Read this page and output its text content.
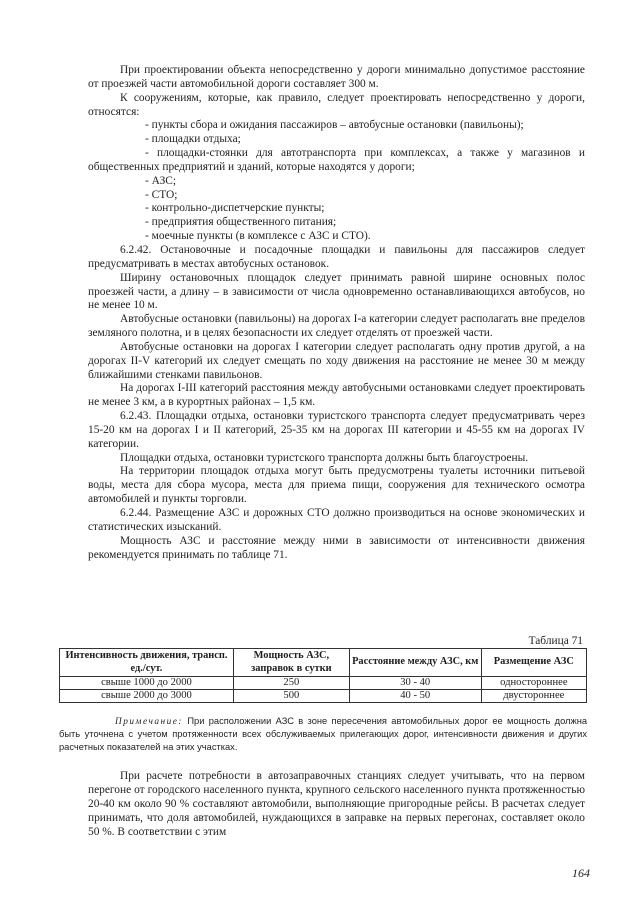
При проектировании объекта непосредственно у дороги минимально допустимое расстояние от проезжей части автомобильной дороги составляет 300 м.

К сооружениям, которые, как правило, следует проектировать непосредственно у дороги, относятся:

- пункты сбора и ожидания пассажиров – автобусные остановки (павильоны);

- площадки отдыха;

- площадки-стоянки для автотранспорта при комплексах, а также у магазинов и общественных предприятий и зданий, которые находятся у дороги;

- АЗС;

- СТО;

- контрольно-диспетчерские пункты;

- предприятия общественного питания;

- моечные пункты (в комплексе с АЗС и СТО).

6.2.42. Остановочные и посадочные площадки и павильоны для пассажиров следует предусматривать в местах автобусных остановок.

Ширину остановочных площадок следует принимать равной ширине основных полос проезжей части, а длину – в зависимости от числа одновременно останавливающихся автобусов, но не менее 10 м.

Автобусные остановки (павильоны) на дорогах I-а категории следует располагать вне пределов земляного полотна, и в целях безопасности их следует отделять от проезжей части.

Автобусные остановки на дорогах I категории следует располагать одну против другой, а на дорогах II-V категорий их следует смещать по ходу движения на расстояние не менее 30 м между ближайшими стенками павильонов.

На дорогах I-III категорий расстояния между автобусными остановками следует проектировать не менее 3 км, а в курортных районах – 1,5 км.

6.2.43. Площадки отдыха, остановки туристского транспорта следует предусматривать через 15-20 км на дорогах I и II категорий, 25-35 км на дорогах III категории и 45-55 км на дорогах IV категории.

Площадки отдыха, остановки туристского транспорта должны быть благоустроены.

На территории площадок отдыха могут быть предусмотрены туалеты источники питьевой воды, места для сбора мусора, места для приема пищи, сооружения для технического осмотра автомобилей и пункты торговли.

6.2.44. Размещение АЗС и дорожных СТО должно производиться на основе экономических и статистических изысканий.

Мощность АЗС и расстояние между ними в зависимости от интенсивности движения рекомендуется принимать по таблице 71.

Таблица 71
Интенсивность движения, трансп. ед./сут.	Мощность АЗС, заправок в сутки	Расстояние между АЗС, км	Размещение АЗС
свыше 1000 до 2000	250	30 - 40	одностороннее
свыше 2000 до 3000	500	40 - 50	двустороннее
Примечание: При расположении АЗС в зоне пересечения автомобильных дорог ее мощность должна быть уточнена с учетом протяженности всех обслуживаемых прилегающих дорог, интенсивности движения и других расчетных показателей на этих участках.

При расчете потребности в автозаправочных станциях следует учитывать, что на первом перегоне от городского населенного пункта, крупного сельского населенного пункта протяженностью 20-40 км около 90 % составляют автомобили, выполняющие пригородные рейсы. В расчетах следует принимать, что доля автомобилей, нуждающихся в заправке на первых перегонах, составляет около 50 %. В соответствии с этим

164
